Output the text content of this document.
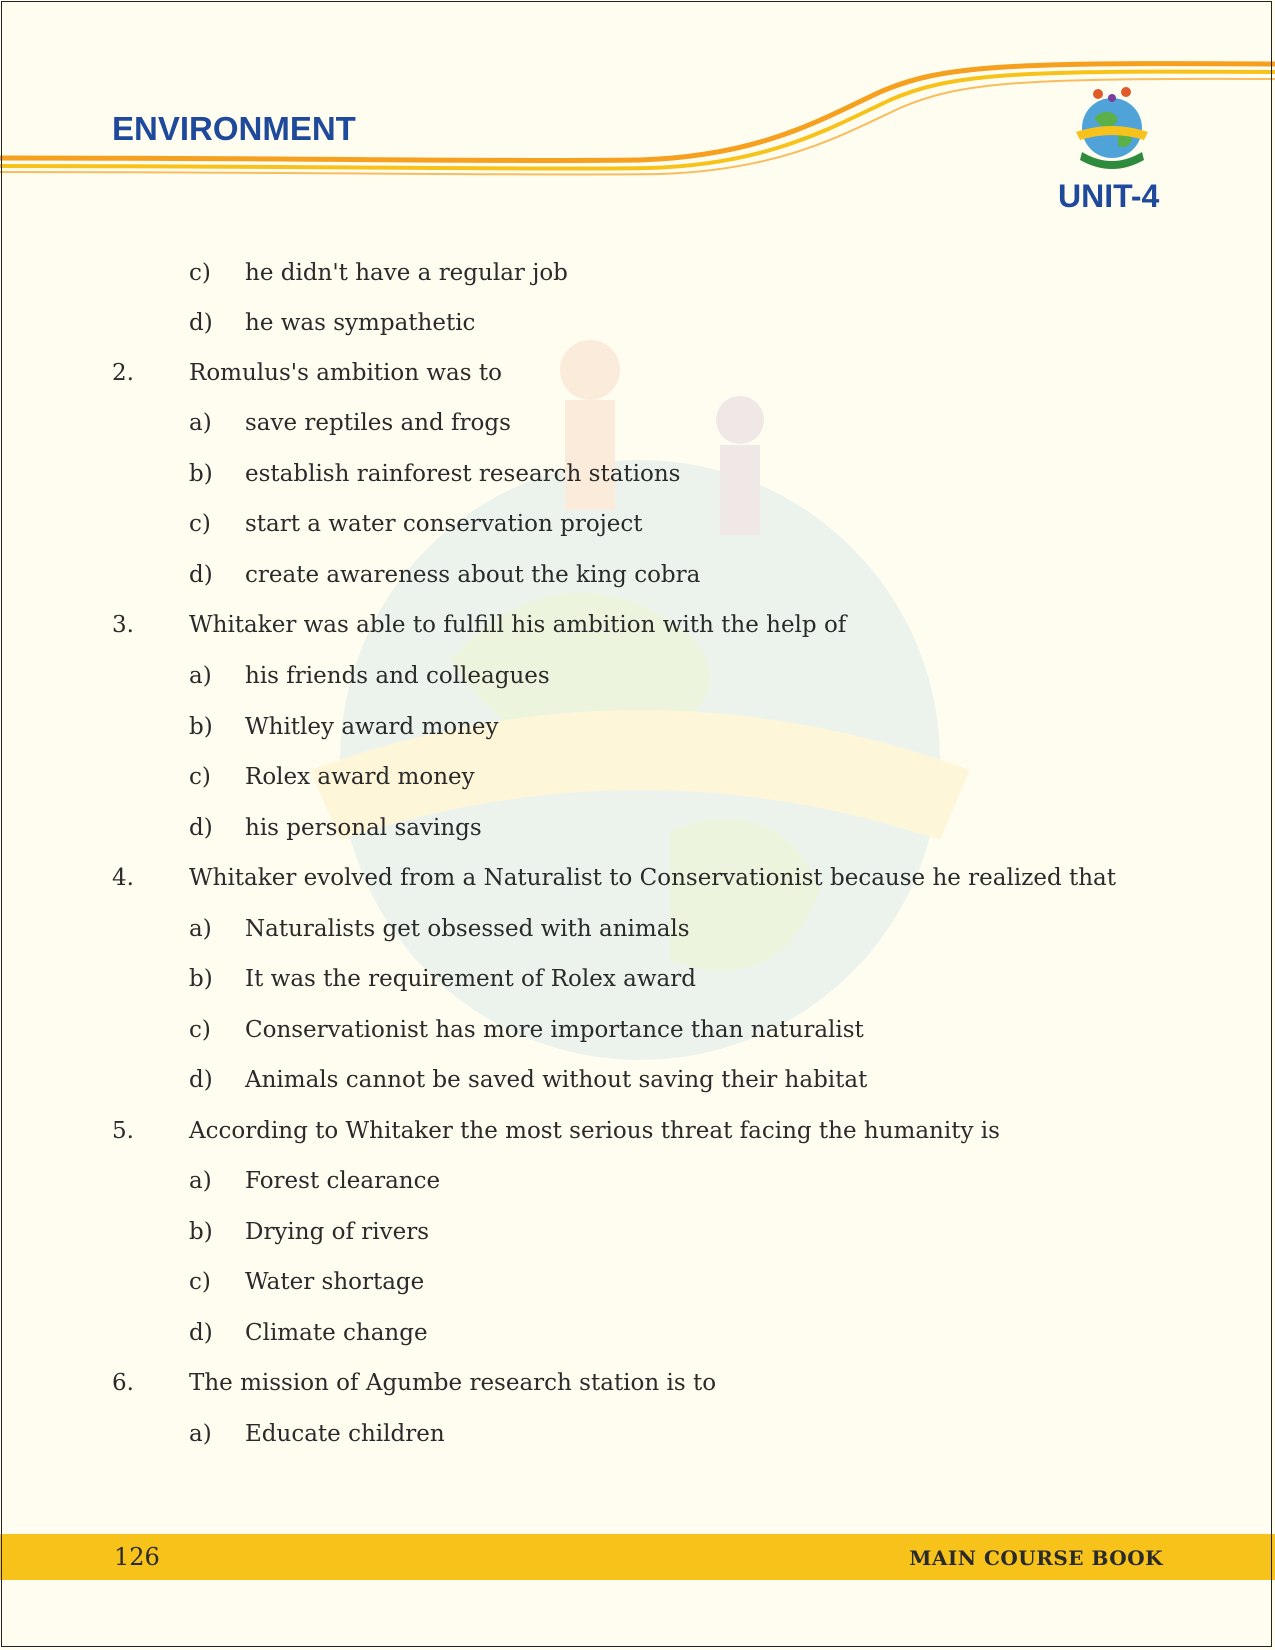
ENVIRONMENT
UNIT-4
c) he didn't have a regular job
d) he was sympathetic
2. Romulus's ambition was to
a) save reptiles and frogs
b) establish rainforest research stations
c) start a water conservation project
d) create awareness about the king cobra
3. Whitaker was able to fulfill his ambition with the help of
a) his friends and colleagues
b) Whitley award money
c) Rolex award money
d) his personal savings
4. Whitaker evolved from a Naturalist to Conservationist because he realized that
a) Naturalists get obsessed with animals
b) It was the requirement of Rolex award
c) Conservationist has more importance than naturalist
d) Animals cannot be saved without saving their habitat
5. According to Whitaker the most serious threat facing the humanity is
a) Forest clearance
b) Drying of rivers
c) Water shortage
d) Climate change
6. The mission of Agumbe research station is to
a) Educate children
126	MAIN COURSE BOOK
